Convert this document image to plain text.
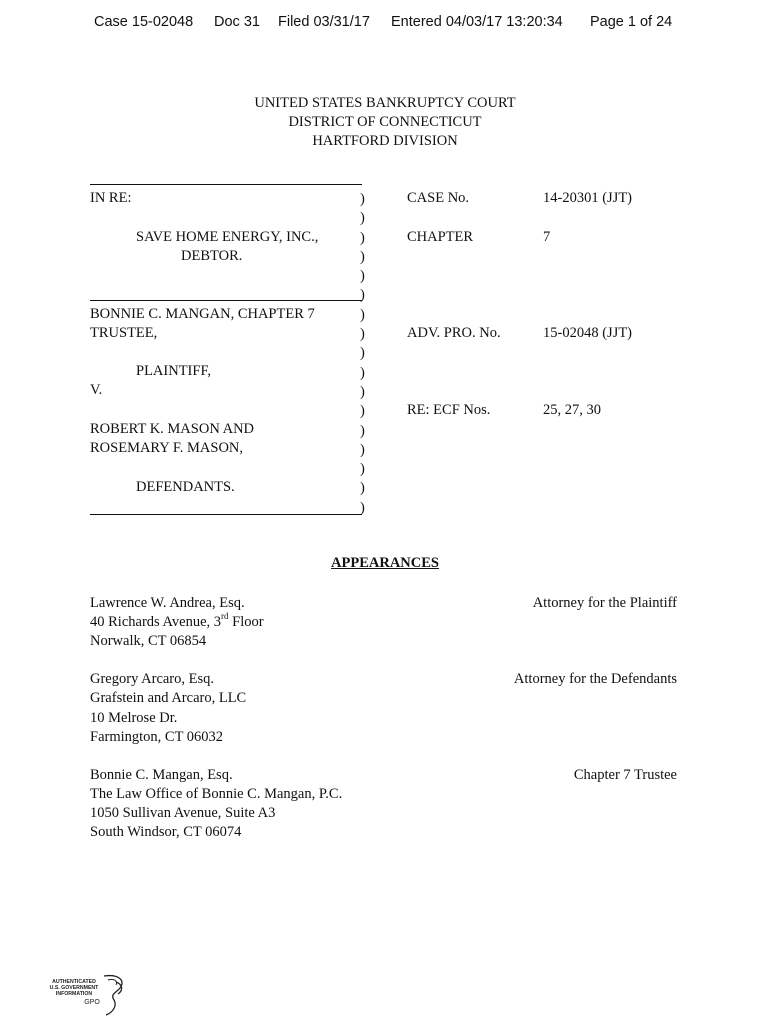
Case 15-02048 Doc 31 Filed 03/31/17 Entered 04/03/17 13:20:34 Page 1 of 24
UNITED STATES BANKRUPTCY COURT
DISTRICT OF CONNECTICUT
HARTFORD DIVISION
IN RE:
SAVE HOME ENERGY, INC.,
DEBTOR.
BONNIE C. MANGAN, CHAPTER 7
TRUSTEE,
PLAINTIFF,
V.
ROBERT K. MASON AND
ROSEMARY F. MASON,
DEFENDANTS.
)
)
)
)
)
)
)
)
)
)
)
)
)
)
)
)
)
CASE No.	14-20301 (JJT)
CHAPTER	7
ADV. PRO. No.	15-02048 (JJT)
RE: ECF Nos.	25, 27, 30
APPEARANCES
Lawrence W. Andrea, Esq.
40 Richards Avenue, 3rd Floor
Norwalk, CT 06854
Attorney for the Plaintiff
Gregory Arcaro, Esq.
Grafstein and Arcaro, LLC
10 Melrose Dr.
Farmington, CT 06032
Attorney for the Defendants
Bonnie C. Mangan, Esq.
The Law Office of Bonnie C. Mangan, P.C.
1050 Sullivan Avenue, Suite A3
South Windsor, CT 06074
Chapter 7 Trustee
AUTHENTICATED
U.S. GOVERNMENT
INFORMATION
GPO
